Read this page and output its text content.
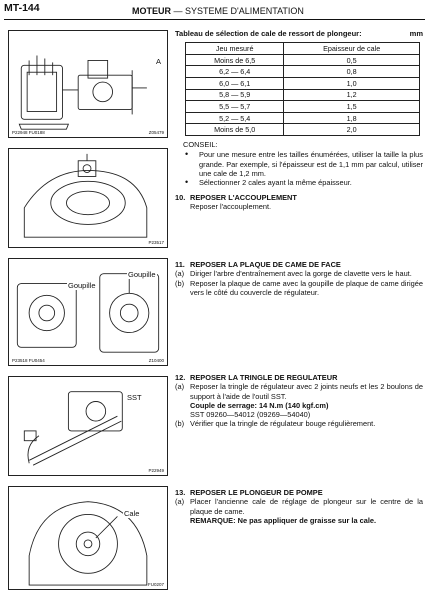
MT-144	MOTEUR — SYSTEME D'ALIMENTATION
A
P22948 FU0188	Z05479
P23517
Goupille
Goupille
P23518 FU0454	Z10400
SST
P22949
Cale
FU0207
Tableau de sélection de cale de ressort de plongeur:	mm
Jeu mesuré	Epaisseur de cale
Moins de 6,5	0,5
6,2 — 6,4	0,8
6,0 — 6,1	1,0
5,8 — 5,9	1,2
5,5 — 5,7	1,5
5,2 — 5,4	1,8
Moins de 5,0	2,0
CONSEIL:
•	Pour une mesure entre les tailles énumérées, utiliser la taille la plus grande. Par exemple, si l'épaisseur est de 1,1 mm par calcul, utiliser une cale de 1,2 mm.
•	Sélectionner 2 cales ayant la même épaisseur.
10. REPOSER L'ACCOUPLEMENT
Reposer l'accouplement.
11. REPOSER LA PLAQUE DE CAME DE FACE
(a) Diriger l'arbre d'entraînement avec la gorge de clavette vers le haut.
(b) Reposer la plaque de came avec la goupille de plaque de came dirigée vers le côté du couvercle de régulateur.
12. REPOSER LA TRINGLE DE REGULATEUR
(a) Reposer la tringle de régulateur avec 2 joints neufs et les 2 boulons de support à l'aide de l'outil SST.
Couple de serrage: 14 N.m (140 kgf.cm)
SST 09260—54012 (09269—54040)
(b) Vérifier que la tringle de régulateur bouge régulièrement.
13. REPOSER LE PLONGEUR DE POMPE
(a) Placer l'ancienne cale de réglage de plongeur sur le centre de la plaque de came.
REMARQUE: Ne pas appliquer de graisse sur la cale.
